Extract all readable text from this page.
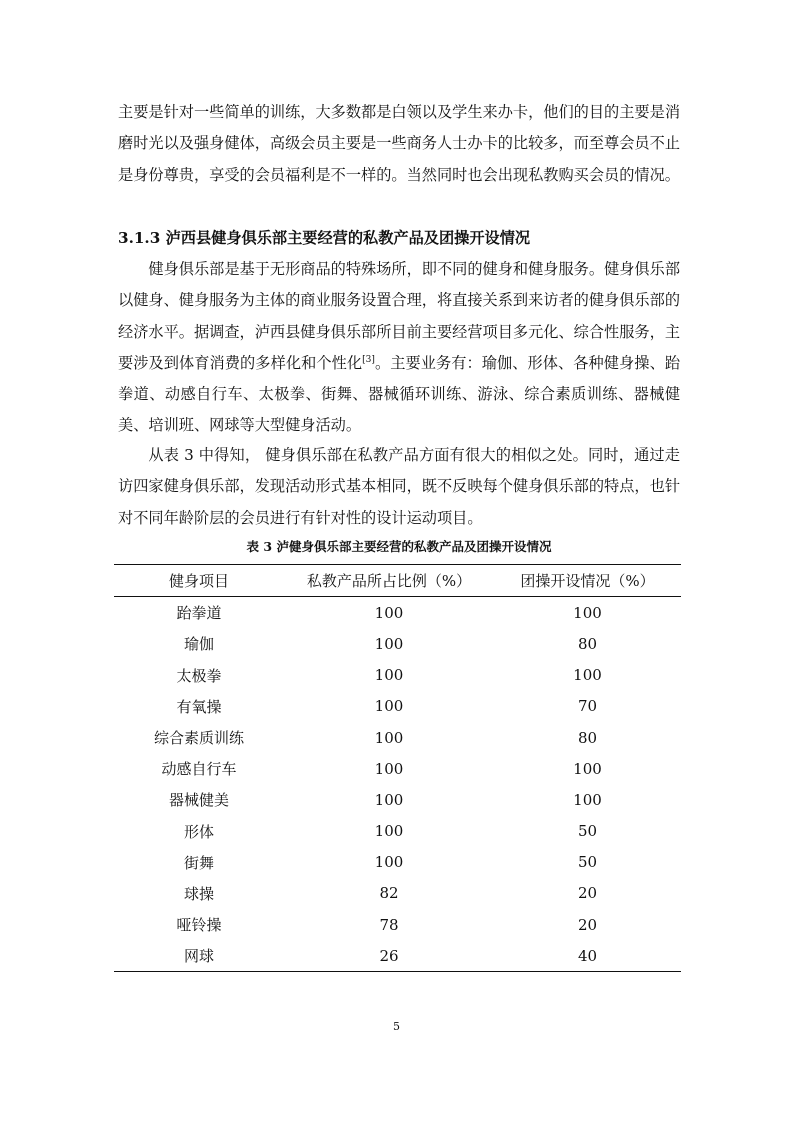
主要是针对一些简单的训练，大多数都是白领以及学生来办卡，他们的目的主要是消磨时光以及强身健体，高级会员主要是一些商务人士办卡的比较多，而至尊会员不止是身份尊贵，享受的会员福利是不一样的。当然同时也会出现私教购买会员的情况。

3.1.3 泸西县健身俱乐部主要经营的私教产品及团操开设情况

健身俱乐部是基于无形商品的特殊场所，即不同的健身和健身服务。健身俱乐部以健身、健身服务为主体的商业服务设置合理，将直接关系到来访者的健身俱乐部的经济水平。据调查，泸西县健身俱乐部所目前主要经营项目多元化、综合性服务，主要涉及到体育消费的多样化和个性化[3]。主要业务有：瑜伽、形体、各种健身操、跆拳道、动感自行车、太极拳、街舞、器械循环训练、游泳、综合素质训练、器械健美、培训班、网球等大型健身活动。

从表 3 中得知， 健身俱乐部在私教产品方面有很大的相似之处。同时，通过走访四家健身俱乐部，发现活动形式基本相同，既不反映每个健身俱乐部的特点，也针对不同年龄阶层的会员进行有针对性的设计运动项目。

表 3 泸健身俱乐部主要经营的私教产品及团操开设情况

健身项目	私教产品所占比例（%）	团操开设情况（%）
跆拳道	100	100
瑜伽	100	80
太极拳	100	100
有氧操	100	70
综合素质训练	100	80
动感自行车	100	100
器械健美	100	100
形体	100	50
街舞	100	50
球操	82	20
哑铃操	78	20
网球	26	40

5
